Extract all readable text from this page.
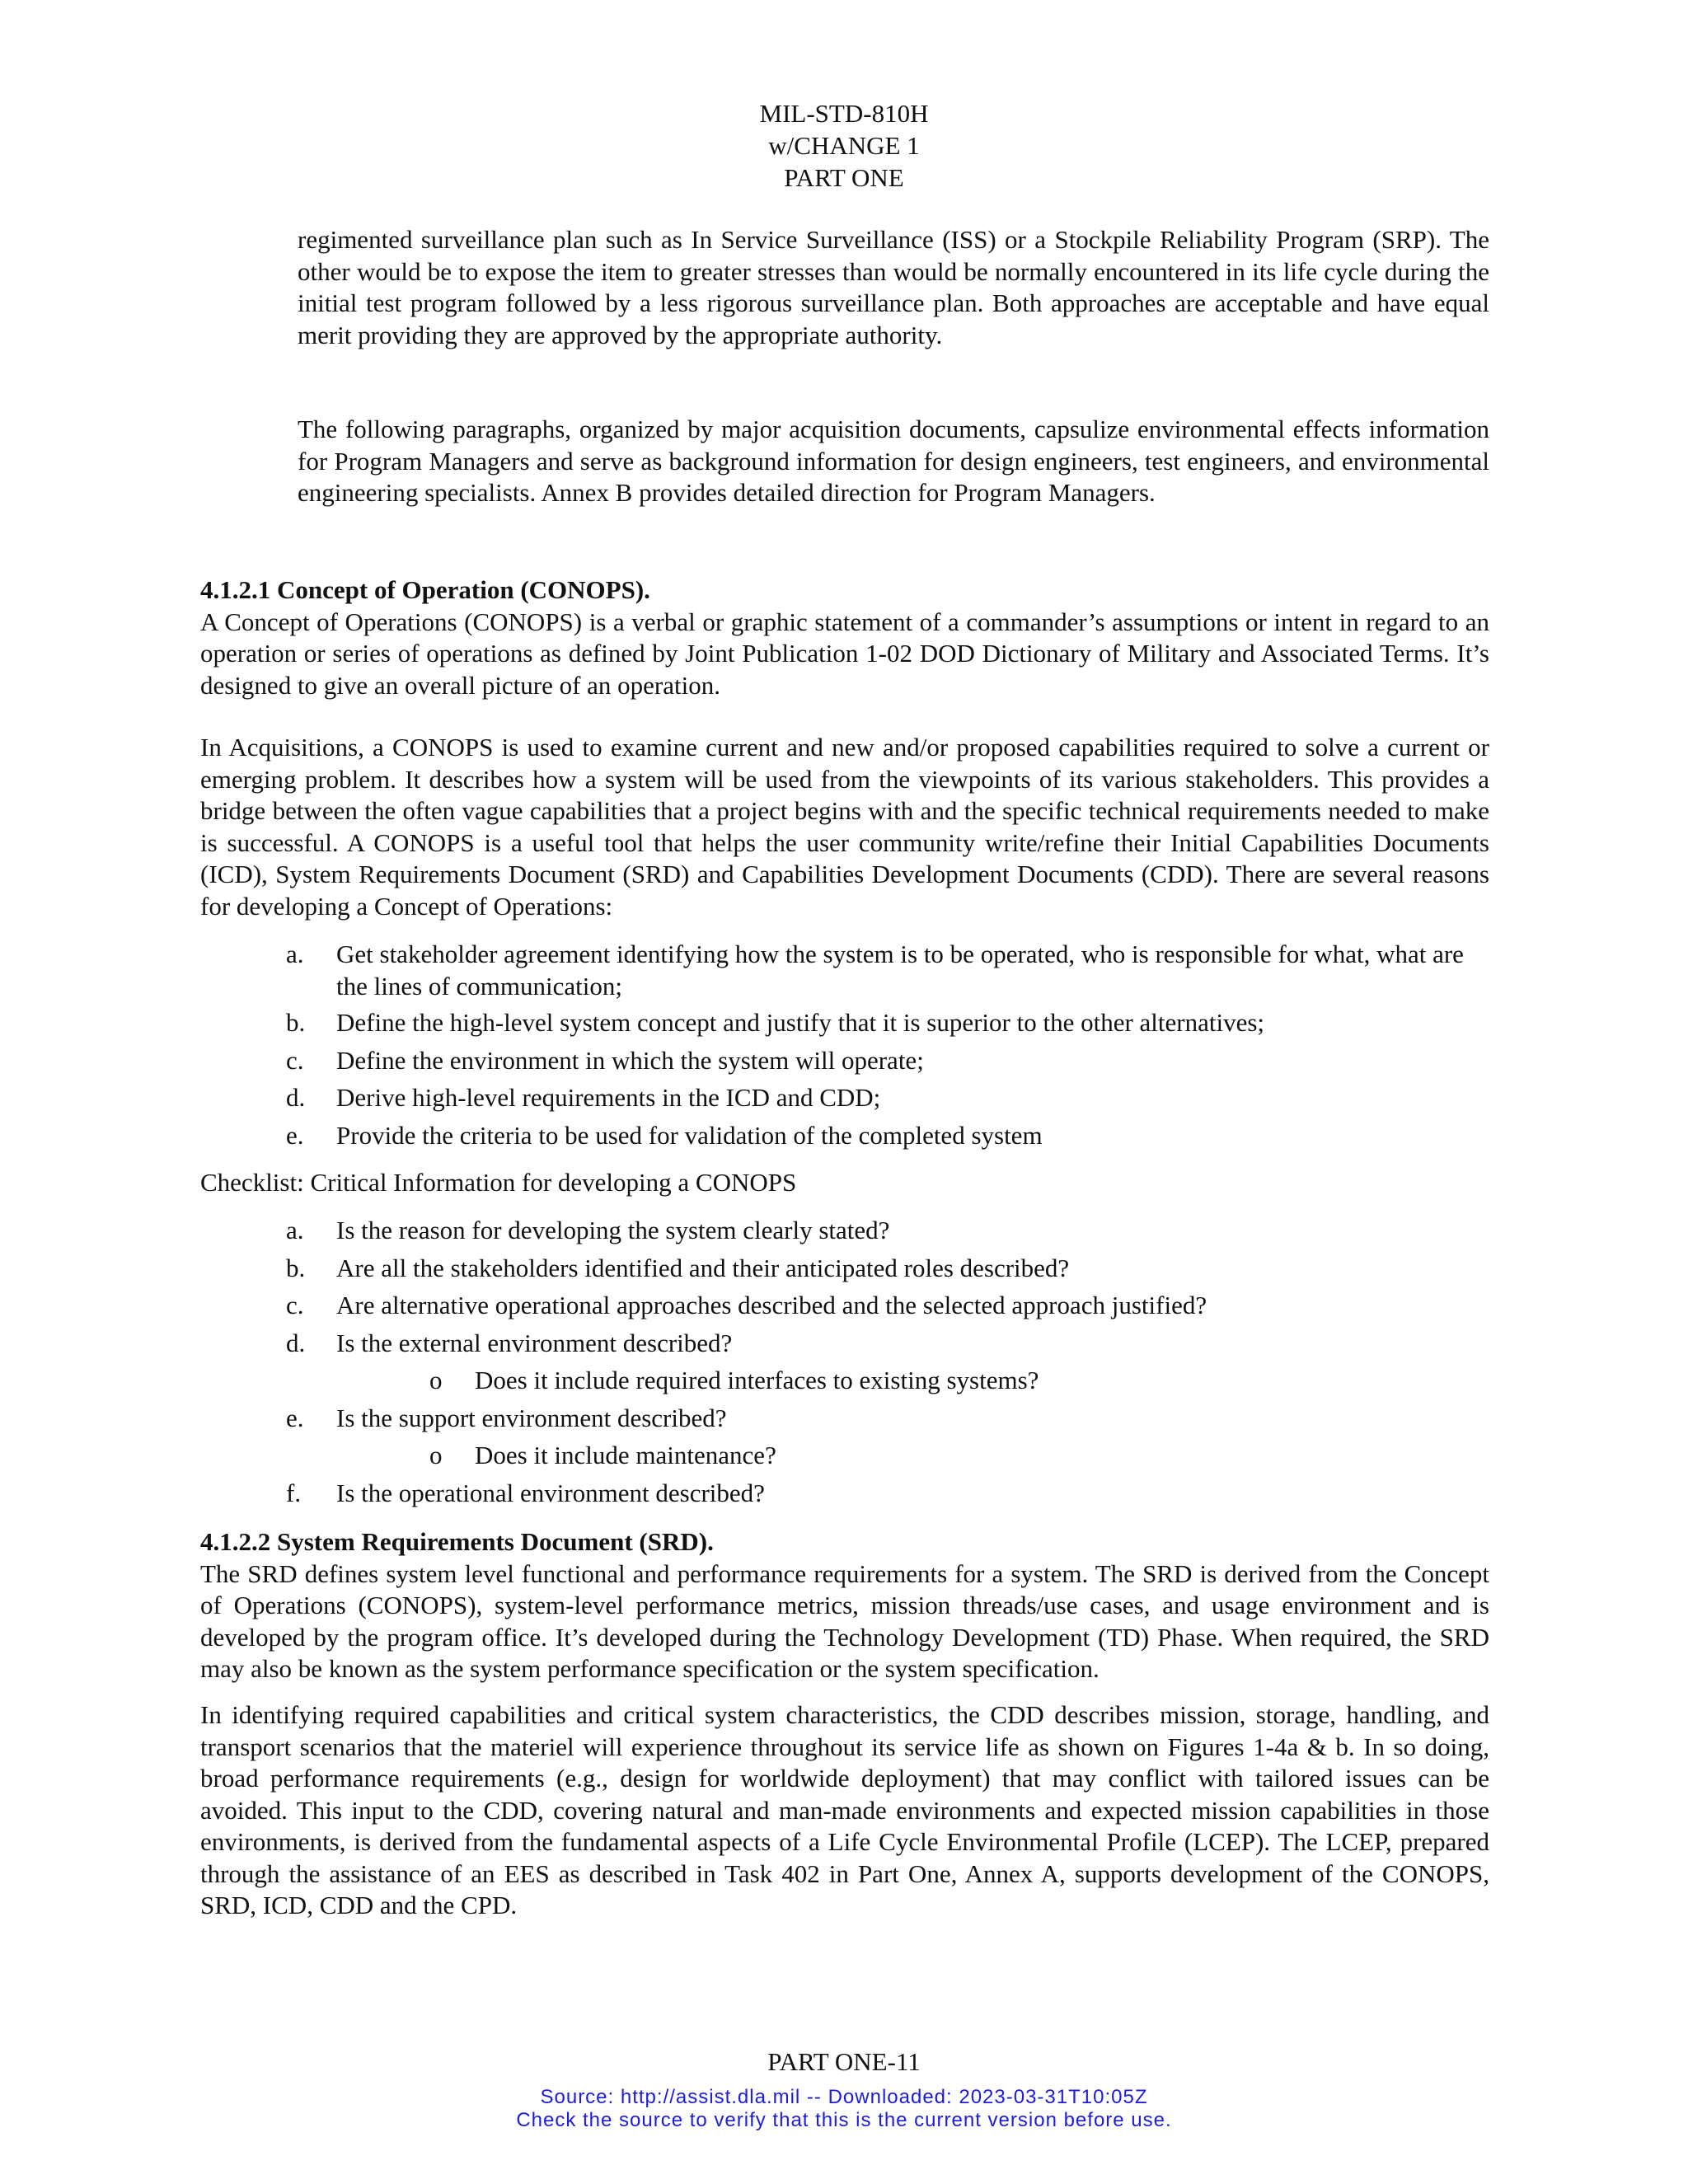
MIL-STD-810H
w/CHANGE 1
PART ONE

regimented surveillance plan such as In Service Surveillance (ISS) or a Stockpile Reliability Program (SRP). The other would be to expose the item to greater stresses than would be normally encountered in its life cycle during the initial test program followed by a less rigorous surveillance plan. Both approaches are acceptable and have equal merit providing they are approved by the appropriate authority.

The following paragraphs, organized by major acquisition documents, capsulize environmental effects information for Program Managers and serve as background information for design engineers, test engineers, and environmental engineering specialists. Annex B provides detailed direction for Program Managers.

4.1.2.1 Concept of Operation (CONOPS).

A Concept of Operations (CONOPS) is a verbal or graphic statement of a commander’s assumptions or intent in regard to an operation or series of operations as defined by Joint Publication 1-02 DOD Dictionary of Military and Associated Terms. It’s designed to give an overall picture of an operation.

In Acquisitions, a CONOPS is used to examine current and new and/or proposed capabilities required to solve a current or emerging problem. It describes how a system will be used from the viewpoints of its various stakeholders. This provides a bridge between the often vague capabilities that a project begins with and the specific technical requirements needed to make is successful. A CONOPS is a useful tool that helps the user community write/refine their Initial Capabilities Documents (ICD), System Requirements Document (SRD) and Capabilities Development Documents (CDD). There are several reasons for developing a Concept of Operations:

a. Get stakeholder agreement identifying how the system is to be operated, who is responsible for what, what are the lines of communication;
b. Define the high-level system concept and justify that it is superior to the other alternatives;
c. Define the environment in which the system will operate;
d. Derive high-level requirements in the ICD and CDD;
e. Provide the criteria to be used for validation of the completed system

Checklist: Critical Information for developing a CONOPS

a. Is the reason for developing the system clearly stated?
b. Are all the stakeholders identified and their anticipated roles described?
c. Are alternative operational approaches described and the selected approach justified?
d. Is the external environment described?
o Does it include required interfaces to existing systems?
e. Is the support environment described?
o Does it include maintenance?
f. Is the operational environment described?

4.1.2.2 System Requirements Document (SRD).

The SRD defines system level functional and performance requirements for a system. The SRD is derived from the Concept of Operations (CONOPS), system-level performance metrics, mission threads/use cases, and usage environment and is developed by the program office. It’s developed during the Technology Development (TD) Phase. When required, the SRD may also be known as the system performance specification or the system specification.

In identifying required capabilities and critical system characteristics, the CDD describes mission, storage, handling, and transport scenarios that the materiel will experience throughout its service life as shown on Figures 1-4a & b. In so doing, broad performance requirements (e.g., design for worldwide deployment) that may conflict with tailored issues can be avoided. This input to the CDD, covering natural and man-made environments and expected mission capabilities in those environments, is derived from the fundamental aspects of a Life Cycle Environmental Profile (LCEP). The LCEP, prepared through the assistance of an EES as described in Task 402 in Part One, Annex A, supports development of the CONOPS, SRD, ICD, CDD and the CPD.

PART ONE-11
Source: http://assist.dla.mil -- Downloaded: 2023-03-31T10:05Z
Check the source to verify that this is the current version before use.
